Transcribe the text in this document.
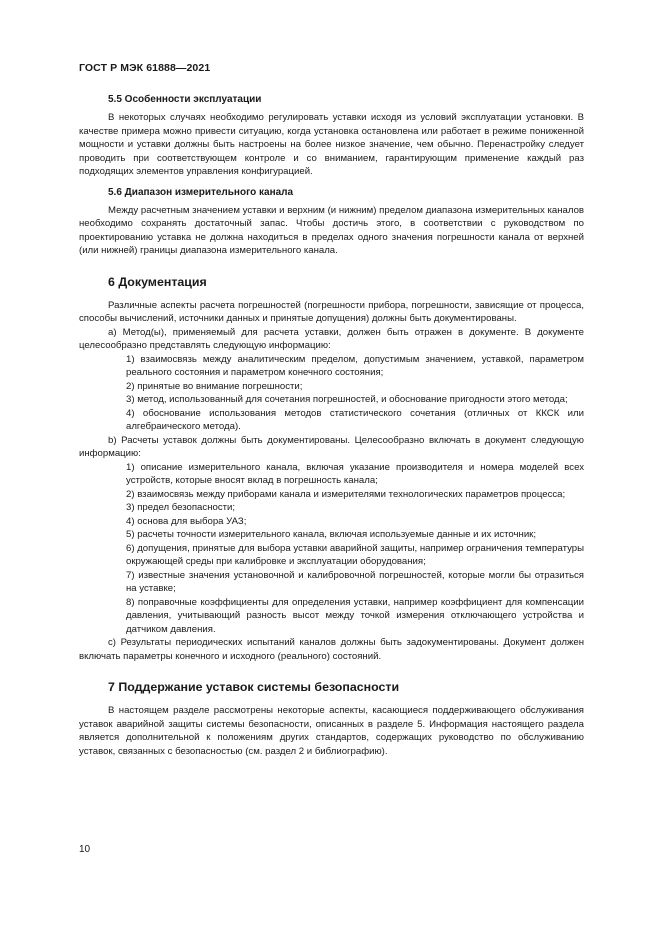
ГОСТ Р МЭК 61888—2021
5.5 Особенности эксплуатации

В некоторых случаях необходимо регулировать уставки исходя из условий эксплуатации установки. В качестве примера можно привести ситуацию, когда установка остановлена или работает в режиме пониженной мощности и уставки должны быть настроены на более низкое значение, чем обычно. Перенастройку следует проводить при соответствующем контроле и со вниманием, гарантирующим применение каждый раз подходящих элементов управления конфигурацией.

5.6 Диапазон измерительного канала

Между расчетным значением уставки и верхним (и нижним) пределом диапазона измерительных каналов необходимо сохранять достаточный запас. Чтобы достичь этого, в соответствии с руководством по проектированию уставка не должна находиться в пределах одного значения погрешности канала от верхней (или нижней) границы диапазона измерительного канала.

6 Документация

Различные аспекты расчета погрешностей (погрешности прибора, погрешности, зависящие от процесса, способы вычислений, источники данных и принятые допущения) должны быть документированы.

а) Метод(ы), применяемый для расчета уставки, должен быть отражен в документе. В документе целесообразно представлять следующую информацию:

1) взаимосвязь между аналитическим пределом, допустимым значением, уставкой, параметром реального состояния и параметром конечного состояния;
2) принятые во внимание погрешности;
3) метод, использованный для сочетания погрешностей, и обоснование пригодности этого метода;
4) обоснование использования методов статистического сочетания (отличных от ККСК или алгебраического метода).

b) Расчеты уставок должны быть документированы. Целесообразно включать в документ следующую информацию:

1) описание измерительного канала, включая указание производителя и номера моделей всех устройств, которые вносят вклад в погрешность канала;
2) взаимосвязь между приборами канала и измерителями технологических параметров процесса;
3) предел безопасности;
4) основа для выбора УАЗ;
5) расчеты точности измерительного канала, включая используемые данные и их источник;
6) допущения, принятые для выбора уставки аварийной защиты, например ограничения температуры окружающей среды при калибровке и эксплуатации оборудования;
7) известные значения установочной и калибровочной погрешностей, которые могли бы отразиться на уставке;
8) поправочные коэффициенты для определения уставки, например коэффициент для компенсации давления, учитывающий разность высот между точкой измерения отключающего устройства и датчиком давления.

с) Результаты периодических испытаний каналов должны быть задокументированы. Документ должен включать параметры конечного и исходного (реального) состояний.

7 Поддержание уставок системы безопасности

В настоящем разделе рассмотрены некоторые аспекты, касающиеся поддерживающего обслуживания уставок аварийной защиты системы безопасности, описанных в разделе 5. Информация настоящего раздела является дополнительной к положениям других стандартов, содержащих руководство по обслуживанию уставок, связанных с безопасностью (см. раздел 2 и библиографию).

10
